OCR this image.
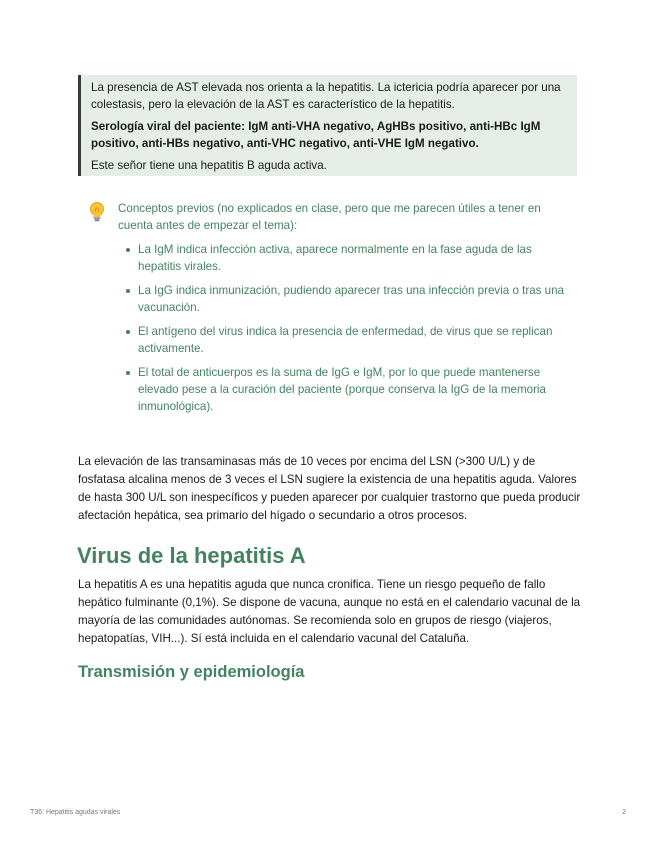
La presencia de AST elevada nos orienta a la hepatitis. La ictericia podría aparecer por una colestasis, pero la elevación de la AST es característico de la hepatitis.

Serología viral del paciente: IgM anti-VHA negativo, AgHBs positivo, anti-HBc IgM positivo, anti-HBs negativo, anti-VHC negativo, anti-VHE IgM negativo.

Este señor tiene una hepatitis B aguda activa.

Conceptos previos (no explicados en clase, pero que me parecen útiles a tener en cuenta antes de empezar el tema):
La IgM indica infección activa, aparece normalmente en la fase aguda de las hepatitis virales.
La IgG indica inmunización, pudiendo aparecer tras una infección previa o tras una vacunación.
El antígeno del virus indica la presencia de enfermedad, de virus que se replican activamente.
El total de anticuerpos es la suma de IgG e IgM, por lo que puede mantenerse elevado pese a la curación del paciente (porque conserva la IgG de la memoria inmunológica).
La elevación de las transaminasas más de 10 veces por encima del LSN (>300 U/L) y de fosfatasa alcalina menos de 3 veces el LSN sugiere la existencia de una hepatitis aguda. Valores de hasta 300 U/L son inespecíficos y pueden aparecer por cualquier trastorno que pueda producir afectación hepática, sea primario del hígado o secundario a otros procesos.
Virus de la hepatitis A
La hepatitis A es una hepatitis aguda que nunca cronifica. Tiene un riesgo pequeño de fallo hepático fulminante (0,1%). Se dispone de vacuna, aunque no está en el calendario vacunal de la mayoría de las comunidades autónomas. Se recomienda solo en grupos de riesgo (viajeros, hepatopatías, VIH...). Sí está incluida en el calendario vacunal del Cataluña.
Transmisión y epidemiología
T36: Hepatitis agudas virales	2
